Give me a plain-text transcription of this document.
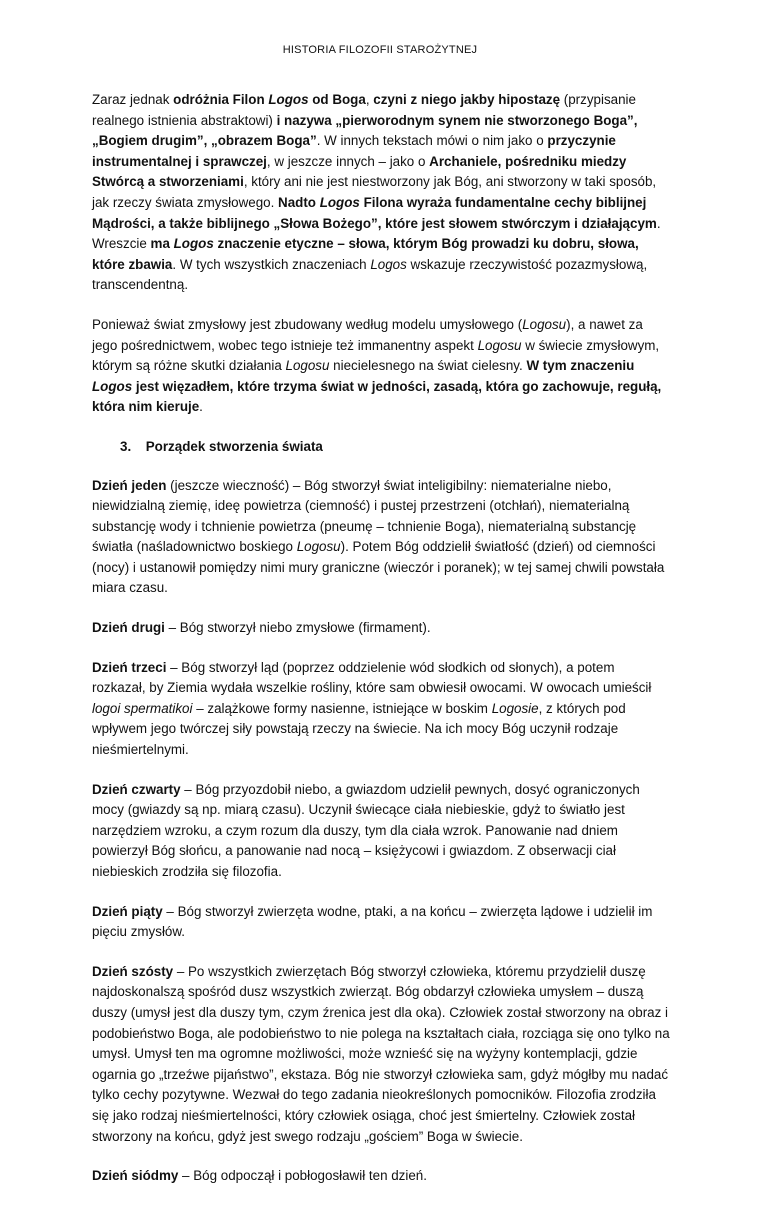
HISTORIA FILOZOFII STAROŻYTNEJ

Zaraz jednak odróżnia Filon Logos od Boga, czyni z niego jakby hipostazę (przypisanie realnego istnienia abstraktowi) i nazywa „pierworodnym synem nie stworzonego Boga”, „Bogiem drugim”, „obrazem Boga”. W innych tekstach mówi o nim jako o przyczynie instrumentalnej i sprawczej, w jeszcze innych – jako o Archaniele, pośredniku miedzy Stwórcą a stworzeniami, który ani nie jest niestworzony jak Bóg, ani stworzony w taki sposób, jak rzeczy świata zmysłowego. Nadto Logos Filona wyraża fundamentalne cechy biblijnej Mądrości, a także biblijnego „Słowa Bożego”, które jest słowem stwórczym i działającym. Wreszcie ma Logos znaczenie etyczne – słowa, którym Bóg prowadzi ku dobru, słowa, które zbawia. W tych wszystkich znaczeniach Logos wskazuje rzeczywistość pozazmysłową, transcendentną.

Ponieważ świat zmysłowy jest zbudowany według modelu umysłowego (Logosu), a nawet za jego pośrednictwem, wobec tego istnieje też immanentny aspekt Logosu w świecie zmysłowym, którym są różne skutki działania Logosu niecielesnego na świat cielesny. W tym znaczeniu Logos jest więzadłem, które trzyma świat w jedności, zasadą, która go zachowuje, regułą, która nim kieruje.

3. Porządek stworzenia świata

Dzień jeden (jeszcze wieczność) – Bóg stworzył świat inteligibilny: niematerialne niebo, niewidzialną ziemię, ideę powietrza (ciemność) i pustej przestrzeni (otchłań), niematerialną substancję wody i tchnienie powietrza (pneumę – tchnienie Boga), niematerialną substancję światła (naśladownictwo boskiego Logosu). Potem Bóg oddzielił światłość (dzień) od ciemności (nocy) i ustanowił pomiędzy nimi mury graniczne (wieczór i poranek); w tej samej chwili powstała miara czasu.

Dzień drugi – Bóg stworzył niebo zmysłowe (firmament).

Dzień trzeci – Bóg stworzył ląd (poprzez oddzielenie wód słodkich od słonych), a potem rozkazał, by Ziemia wydała wszelkie rośliny, które sam obwiesił owocami. W owocach umieścił logoi spermatikoi – zalążkowe formy nasienne, istniejące w boskim Logosie, z których pod wpływem jego twórczej siły powstają rzeczy na świecie. Na ich mocy Bóg uczynił rodzaje nieśmiertelnymi.

Dzień czwarty – Bóg przyozdobił niebo, a gwiazdom udzielił pewnych, dosyć ograniczonych mocy (gwiazdy są np. miarą czasu). Uczynił świecące ciała niebieskie, gdyż to światło jest narzędziem wzroku, a czym rozum dla duszy, tym dla ciała wzrok. Panowanie nad dniem powierzył Bóg słońcu, a panowanie nad nocą – księżycowi i gwiazdom. Z obserwacji ciał niebieskich zrodziła się filozofia.

Dzień piąty – Bóg stworzył zwierzęta wodne, ptaki, a na końcu – zwierzęta lądowe i udzielił im pięciu zmysłów.

Dzień szósty – Po wszystkich zwierzętach Bóg stworzył człowieka, któremu przydzielił duszę najdoskonalszą spośród dusz wszystkich zwierząt. Bóg obdarzył człowieka umysłem – duszą duszy (umysł jest dla duszy tym, czym źrenica jest dla oka). Człowiek został stworzony na obraz i podobieństwo Boga, ale podobieństwo to nie polega na kształtach ciała, rozciąga się ono tylko na umysł. Umysł ten ma ogromne możliwości, może wznieść się na wyżyny kontemplacji, gdzie ogarnia go „trzeźwe pijaństwo”, ekstaza. Bóg nie stworzył człowieka sam, gdyż mógłby mu nadać tylko cechy pozytywne. Wezwał do tego zadania nieokreślonych pomocników. Filozofia zrodziła się jako rodzaj nieśmiertelności, który człowiek osiąga, choć jest śmiertelny. Człowiek został stworzony na końcu, gdyż jest swego rodzaju „gościem” Boga w świecie.

Dzień siódmy – Bóg odpoczął i pobłogosławił ten dzień.
